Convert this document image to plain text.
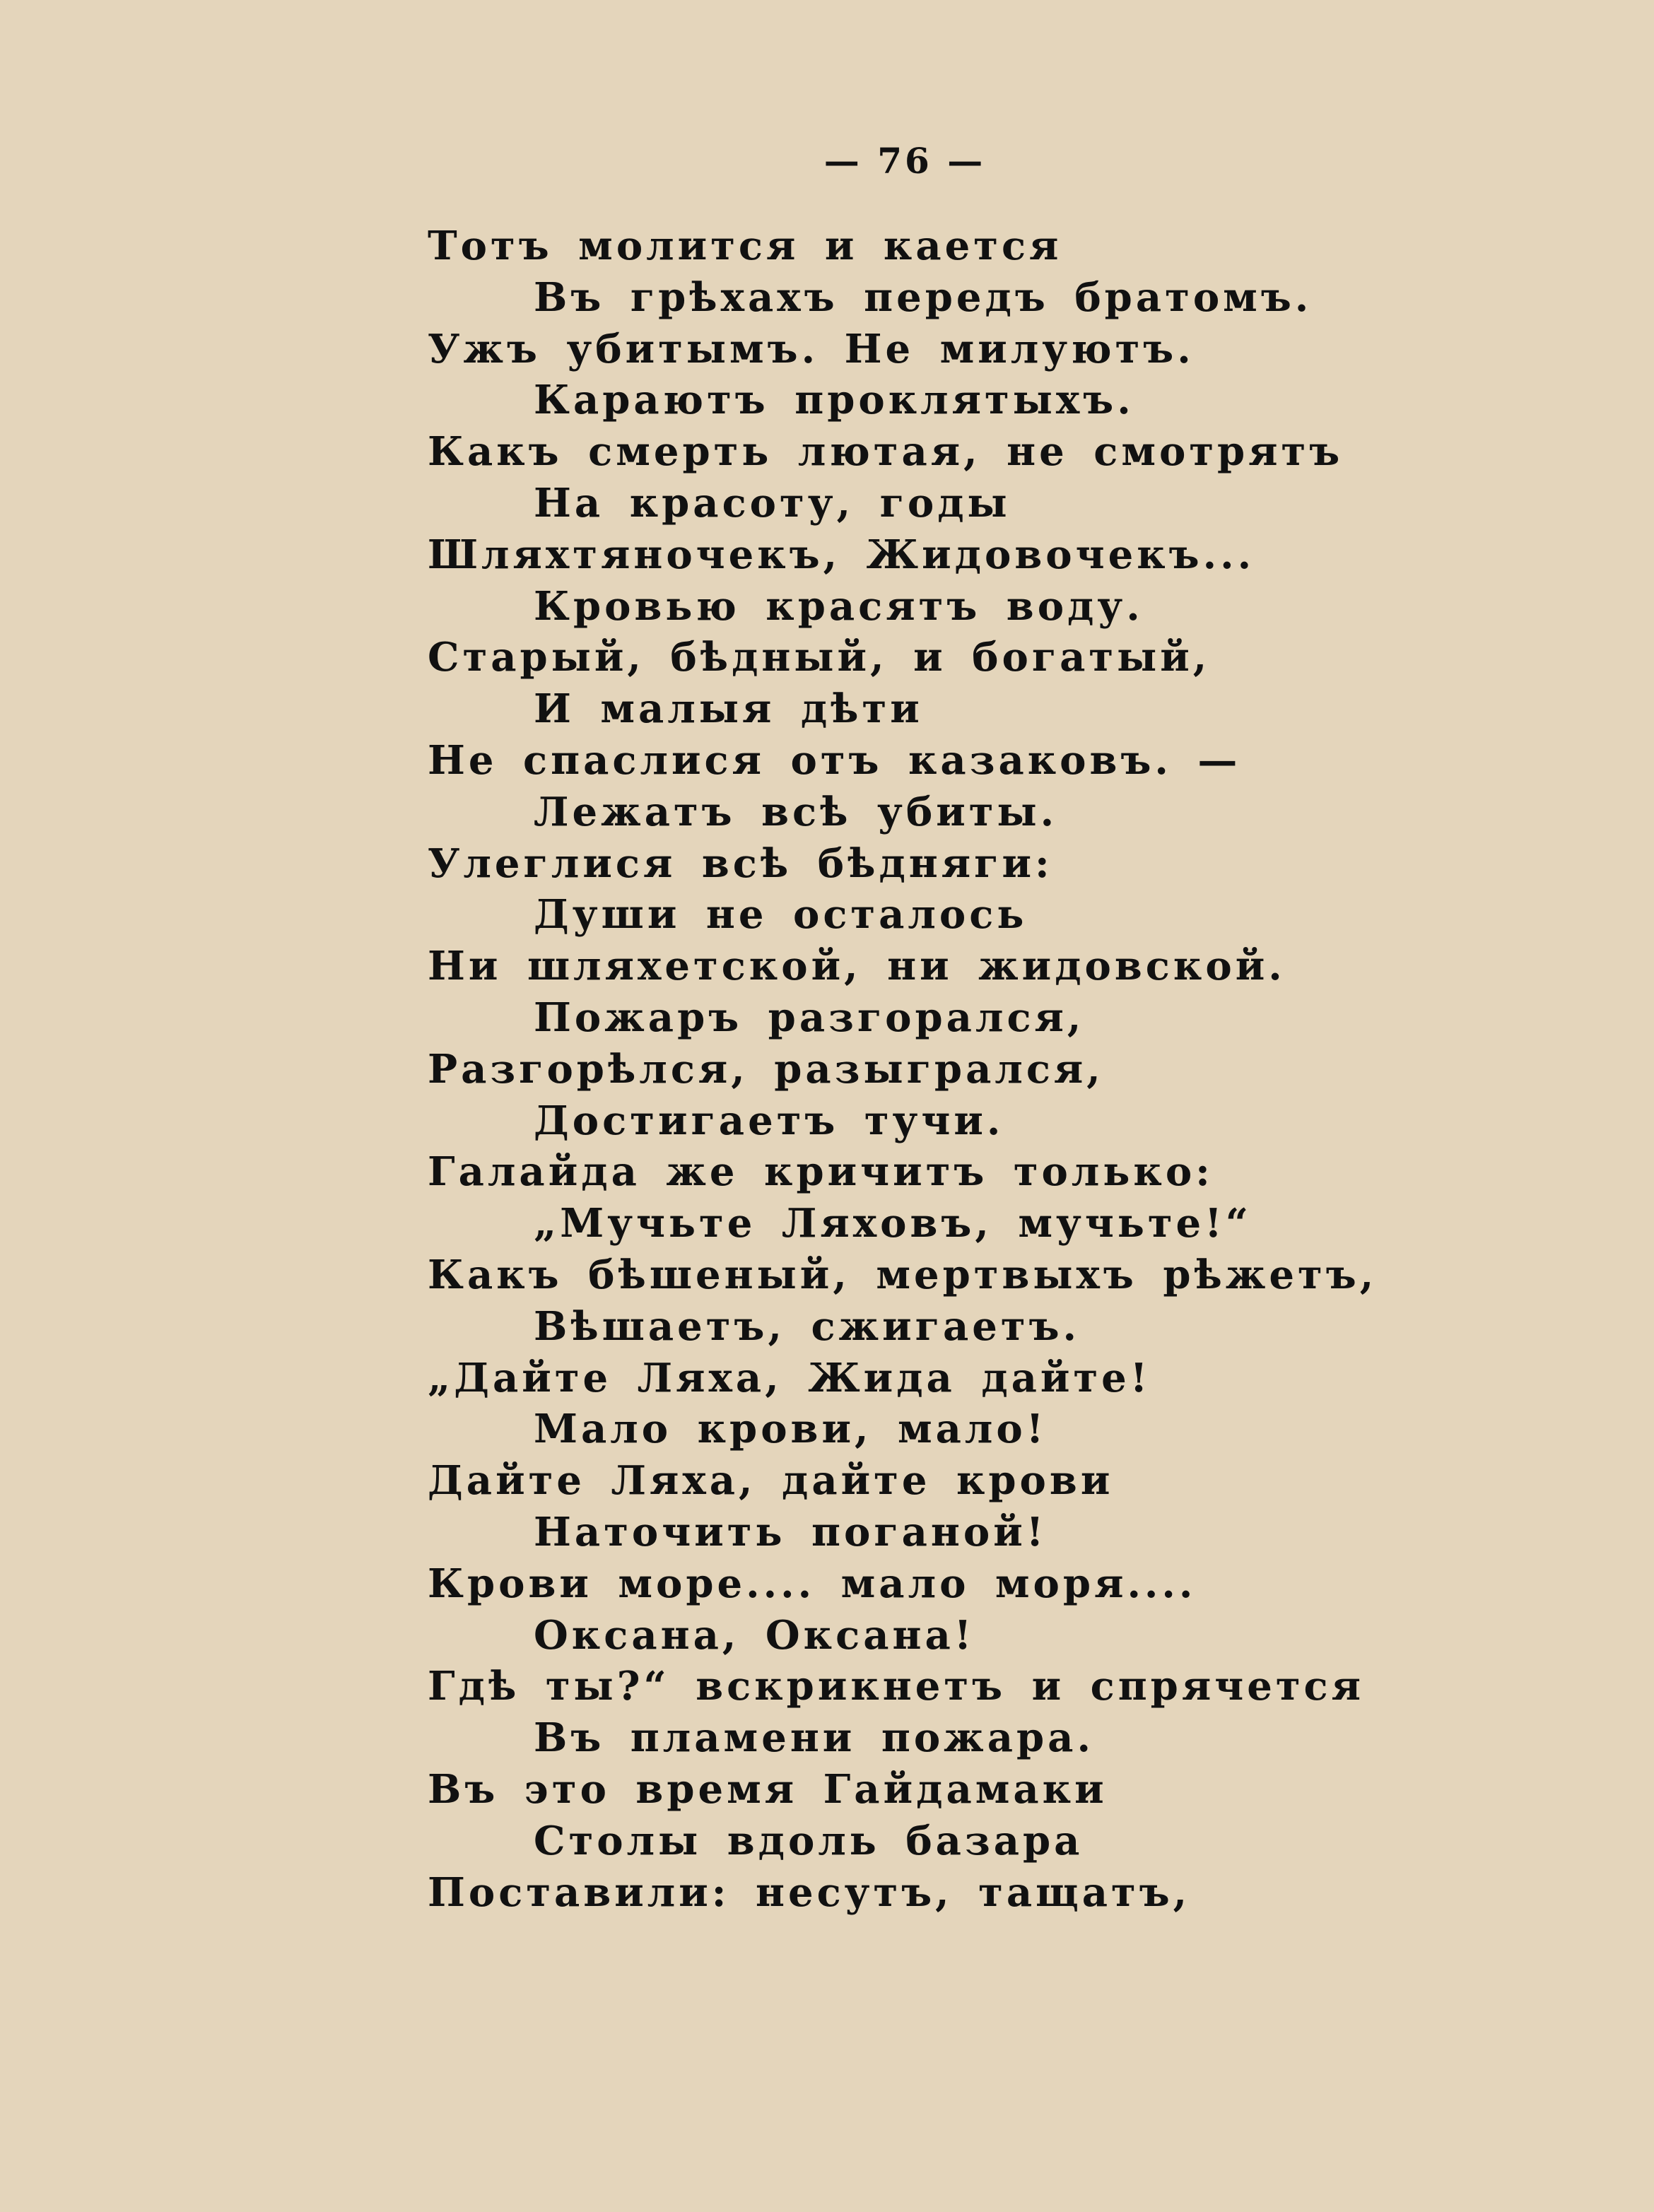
— 76 —
Тотъ молится и кается
Въ грѣхахъ передъ братомъ.
Ужъ убитымъ. Не милуютъ.
Караютъ проклятыхъ.
Какъ смерть лютая, не смотрятъ
На красоту, годы
Шляхтяночекъ, Жидовочекъ...
Кровью красятъ воду.
Старый, бѣдный, и богатый,
И малыя дѣти
Не спаслися отъ казаковъ. —
Лежатъ всѣ убиты.
Улеглися всѣ бѣдняги:
Души не осталось
Ни шляхетской, ни жидовской.
Пожаръ разгорался,
Разгорѣлся, разыгрался,
Достигаетъ тучи.
Галайда же кричитъ только:
„Мучьте Ляховъ, мучьте!“
Какъ бѣшеный, мертвыхъ рѣжетъ,
Вѣшаетъ, сжигаетъ.
„Дайте Ляха, Жида дайте!
Мало крови, мало!
Дайте Ляха, дайте крови
Наточить поганой!
Крови море.... мало моря....
Оксана, Оксана!
Гдѣ ты?“ вскрикнетъ и спрячется
Въ пламени пожара.
Въ это время Гайдамаки
Столы вдоль базара
Поставили: несутъ, тащатъ,
